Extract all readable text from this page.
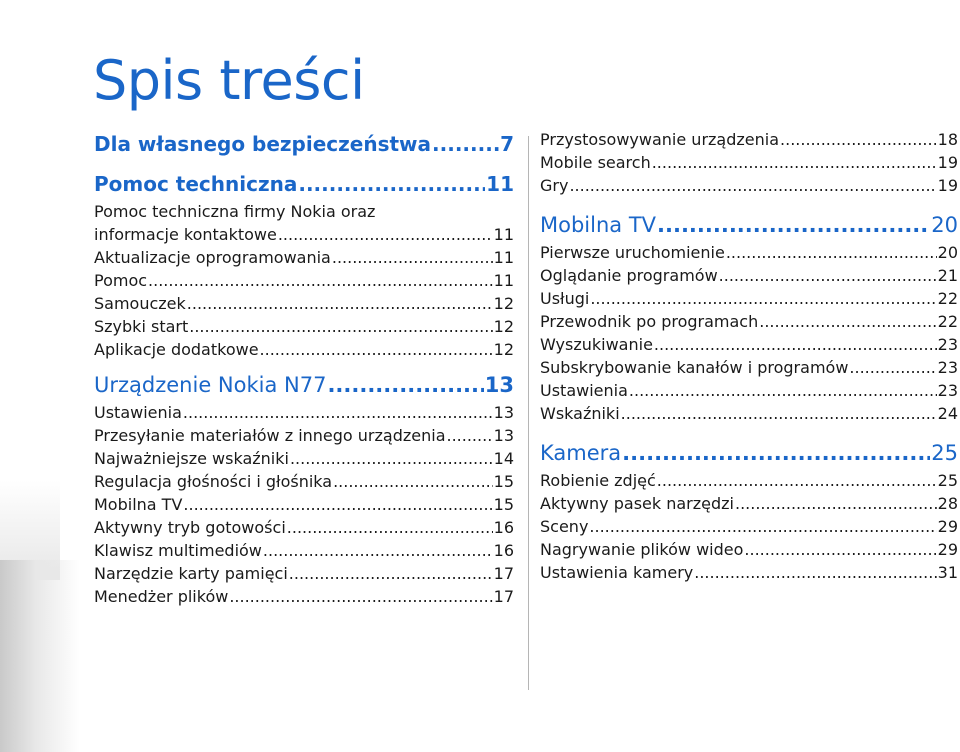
Spis treści
Dla własnego bezpieczeństwa .....	7
Pomoc techniczna .....	11
Pomoc techniczna firmy Nokia oraz
informacje kontaktowe .....	11
Aktualizacje oprogramowania .....	11
Pomoc .....	11
Samouczek .....	12
Szybki start .....	12
Aplikacje dodatkowe .....	12
Urządzenie Nokia N77 .....	13
Ustawienia .....	13
Przesyłanie materiałów z innego urządzenia .....	13
Najważniejsze wskaźniki .....	14
Regulacja głośności i głośnika .....	15
Mobilna TV .....	15
Aktywny tryb gotowości .....	16
Klawisz multimediów .....	16
Narzędzie karty pamięci .....	17
Menedżer plików .....	17
Przystosowywanie urządzenia .....	18
Mobile search .....	19
Gry .....	19
Mobilna TV .....	20
Pierwsze uruchomienie .....	20
Oglądanie programów .....	21
Usługi .....	22
Przewodnik po programach .....	22
Wyszukiwanie .....	23
Subskrybowanie kanałów i programów .....	23
Ustawienia .....	23
Wskaźniki .....	24
Kamera .....	25
Robienie zdjęć .....	25
Aktywny pasek narzędzi .....	28
Sceny .....	29
Nagrywanie plików wideo .....	29
Ustawienia kamery .....	31
